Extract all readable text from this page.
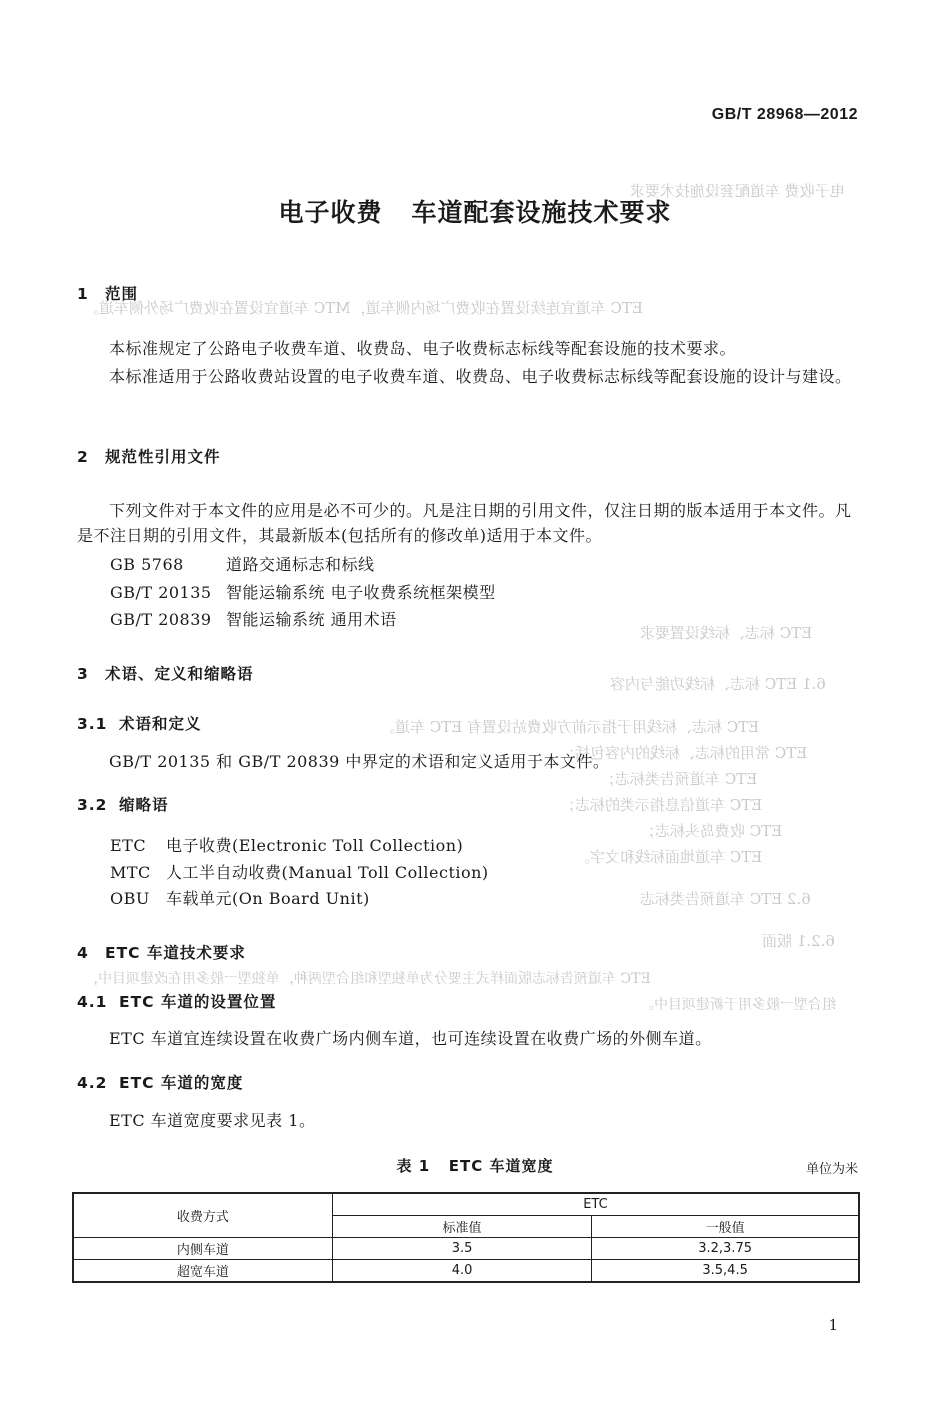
电子收费 车道配套设施技术要求
ETC 车道宜连续设置在收费广场内侧车道，MTC 车道宜设置在收费广场外侧车道。
ETC 标志、标线设置要求
6.1 ETC 标志、标线功能与内容
ETC 标志、标线用于指示前方收费站设置有 ETC 车道。
ETC 常用的标志、标线的内容包括：
ETC 车道预告类标志；
ETC 车道信息指示类的标志；
ETC 收费岛头标志；
ETC 车道地面标线和文字。
6.2 ETC 车道预告类标志
6.2.1 版面
ETC 车道预告标志版面样式主要分为单独型和组合型两种，单独型一般多用在改建项目中，
组合型一般多用于新建项目中。
GB/T 28968—2012
电子收费   车道配套设施技术要求
1 范围
本标准规定了公路电子收费车道、收费岛、电子收费标志标线等配套设施的技术要求。
本标准适用于公路收费站设置的电子收费车道、收费岛、电子收费标志标线等配套设施的设计与建设。
2 规范性引用文件
下列文件对于本文件的应用是必不可少的。凡是注日期的引用文件，仅注日期的版本适用于本文件。凡是不注日期的引用文件，其最新版本(包括所有的修改单)适用于本文件。
GB 5768	道路交通标志和标线
GB/T 20135 智能运输系统 电子收费系统框架模型
GB/T 20839 智能运输系统 通用术语
3 术语、定义和缩略语
3.1 术语和定义
GB/T 20135 和 GB/T 20839 中界定的术语和定义适用于本文件。
3.2 缩略语
ETC 电子收费(Electronic Toll Collection)
MTC 人工半自动收费(Manual Toll Collection)
OBU 车载单元(On Board Unit)
4 ETC 车道技术要求
4.1 ETC 车道的设置位置
ETC 车道宜连续设置在收费广场内侧车道，也可连续设置在收费广场的外侧车道。
4.2 ETC 车道的宽度
ETC 车道宽度要求见表 1。
表 1   ETC 车道宽度	单位为米
收费方式	ETC	
	标准值	一般值
内侧车道	3.5	3.2,3.75
超宽车道	4.0	3.5,4.5
1
